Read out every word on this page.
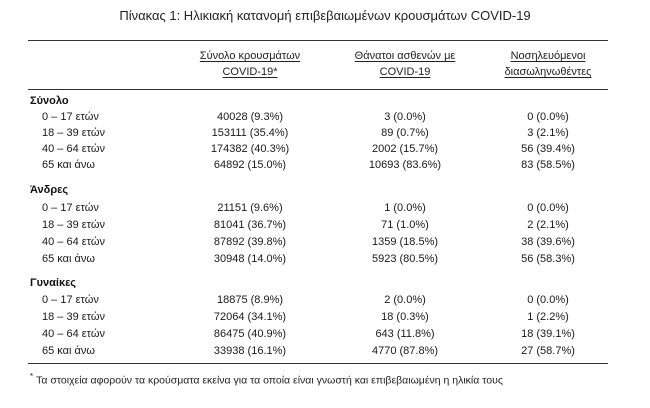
Πίνακας 1: Ηλικιακή κατανομή επιβεβαιωμένων κρουσμάτων COVID-19
Σύνολο κρουσμάτων
COVID-19*
Θάνατοι ασθενών με
COVID-19
Νοσηλευόμενοι
διασωληνωθέντες
Σύνολο
0 – 17 ετών	40028 (9.3%)	3 (0.0%)	0 (0.0%)
18 – 39 ετών	153111 (35.4%)	89 (0.7%)	3 (2.1%)
40 – 64 ετών	174382 (40.3%)	2002 (15.7%)	56 (39.4%)
65 και άνω	64892 (15.0%)	10693 (83.6%)	83 (58.5%)
Άνδρες
0 – 17 ετών	21151 (9.6%)	1 (0.0%)	0 (0.0%)
18 – 39 ετών	81041 (36.7%)	71 (1.0%)	2 (2.1%)
40 – 64 ετών	87892 (39.8%)	1359 (18.5%)	38 (39.6%)
65 και άνω	30948 (14.0%)	5923 (80.5%)	56 (58.3%)
Γυναίκες
0 – 17 ετών	18875 (8.9%)	2 (0.0%)	0 (0.0%)
18 – 39 ετών	72064 (34.1%)	18 (0.3%)	1 (2.2%)
40 – 64 ετών	86475 (40.9%)	643 (11.8%)	18 (39.1%)
65 και άνω	33938 (16.1%)	4770 (87.8%)	27 (58.7%)
* Τα στοιχεία αφορούν τα κρούσματα εκείνα για τα οποία είναι γνωστή και επιβεβαιωμένη η ηλικία τους
